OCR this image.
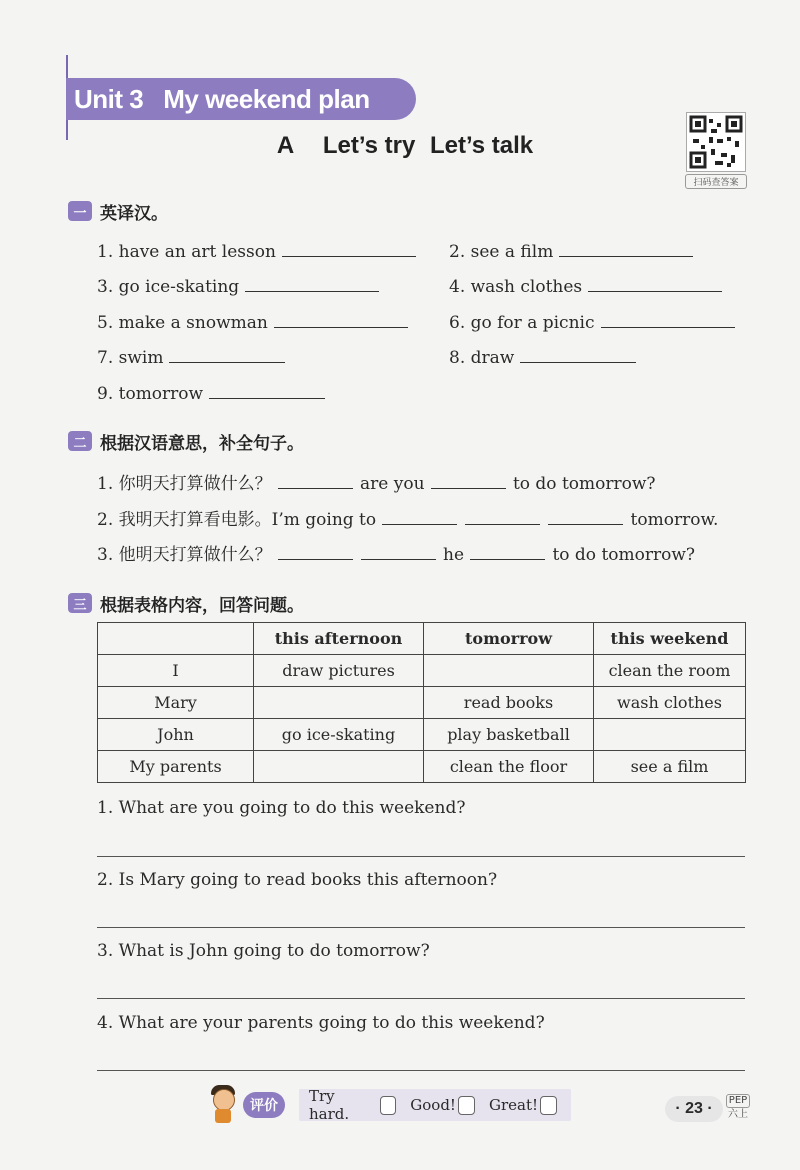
Unit 3 My weekend plan
A Let’s try Let’s talk
扫码查答案
一 英译汉。
1. have an art lesson	2. see a film
3. go ice-skating	4. wash clothes
5. make a snowman	6. go for a picnic
7. swim	8. draw
9. tomorrow
二 根据汉语意思，补全句子。
1. 你明天打算做什么？	are you	to do tomorrow?
2. 我明天打算看电影。I’m going to	tomorrow.
3. 他明天打算做什么？	he	to do tomorrow?
三 根据表格内容，回答问题。
	this afternoon	tomorrow	this weekend
I	draw pictures		clean the room
Mary		read books	wash clothes
John	go ice-skating	play basketball	
My parents		clean the floor	see a film
1. What are you going to do this weekend?
2. Is Mary going to read books this afternoon?
3. What is John going to do tomorrow?
4. What are your parents going to do this weekend?
评价
Try hard.	Good! Great!	· 23 ·	PEP
六上
